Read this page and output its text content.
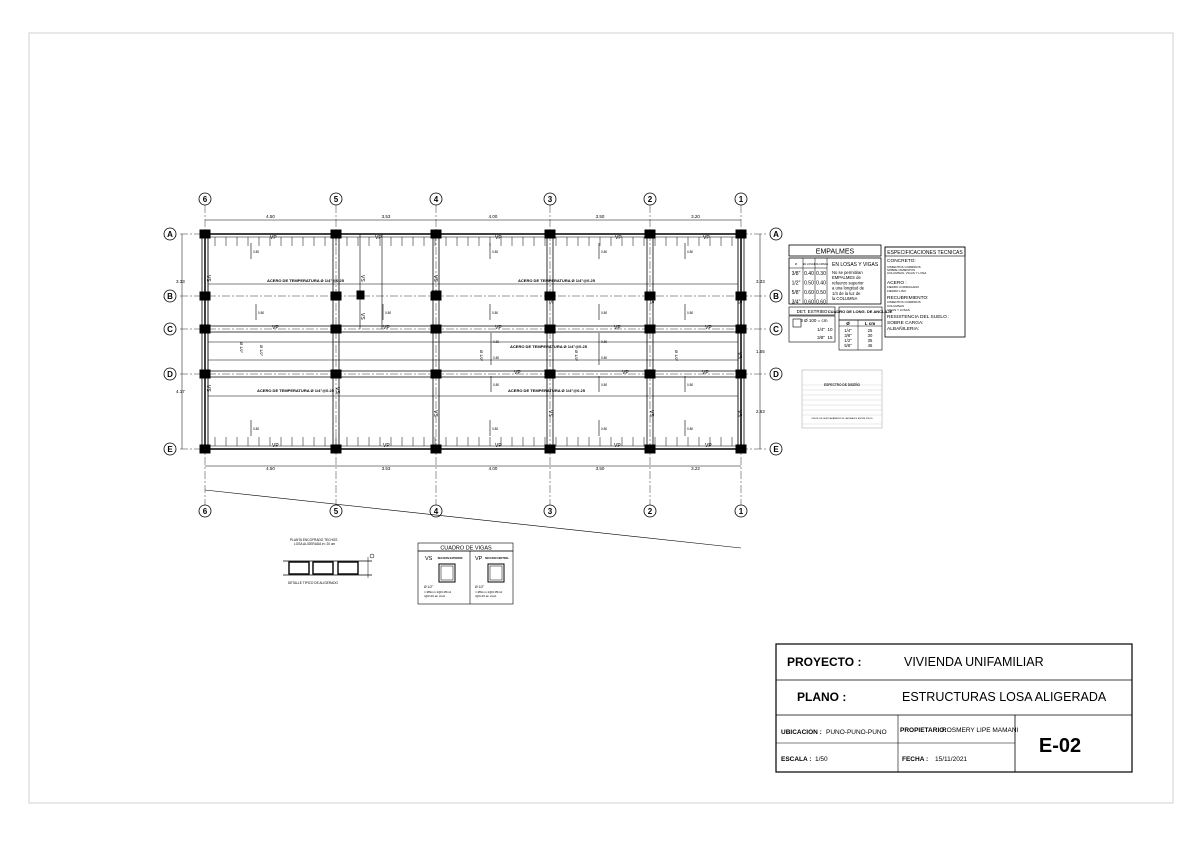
6
6
5
5
4
4
3
3
2
2
1
1
A	A
B	B
C	C
D	D
E	E
4.50
4.50
3.53
3.53
4.00
4.00
3.50
3.50
3.20
3.22
3.33
4.17
3.33
1.55
2.63
VP	VP	VP	VP	VP
VP	VP	VP	VP	VP
VP	VP	VP
VP	VP	VP	VP	VP
VS	VS
VS
VS
VS	VS	VS
VS	VS
VS	VS	VS
VS
VS
ACERO DE TEMPERATURA Ø 1/4"@0.25	ACERO DE TEMPERATURA Ø 1/4"@0.25
ACERO DE TEMPERATURA Ø 1/4"@0.25
ACERO DE TEMPERATURA Ø 1/4"@0.25
ACERO DE TEMPERATURA Ø 1/4"@0.25
0.80	0.80	0.80	0.80
0.80	0.80	0.80	0.80	0.80
0.80	0.80
0.80	0.80
0.80	0.80	0.80
0.80	0.80	0.80	0.80
Ø 1/2"	Ø 1/2"	Ø 1/2"	Ø 1/2"	Ø 1/2"
EMPALMES
Ø EN LOSAS
COLUMNAS
3/8" 0.40 0.30
1/2" 0.50 0.40
5/8" 0.60 0.50
3/4" 0.60 0.60
EN LOSAS Y VIGAS
No se permitiran
EMPALMES de
refuerzo superior
a una longitud de
1/4 de la luz de
la COLUMNA
DET. ESTRIBO
3 Ø 100 = cm
1/4" 10
3/8" 15
CUADRO DE LONG. DE ANCLAJE
Ø	L cm
1/4"	25
3/8"	30
1/2"	35
5/8"	45
ESPECIFICACIONES TECNICAS
CONCRETO:
CIMIENTOS CORRIDOS
SOBRE CIMIENTOS
COLUMNAS, VIGAS Y LOSA
ACERO :
FIERRO CORRUGADO
FIERRO LISO
RECUBRIMIENTO:
CIMIENTOS CORRIDOS
COLUMNAS
VIGAS Y LOSAS
RESISTENCIA DEL SUELO :
SOBRE CARGA:
ALBAÑILERIA:
ESPECTRO DE DISEÑO
LIMITE DE DESPLAZAMIENTOS LATERALES ENTRE PISOS
PLANTA ENCOFRADO TECHOS
LOSA ALIGERADA e= 20 cm
DETALLE TIPICO DE ALIGERADO
CUADRO DE VIGAS
VS SECCION EXTERIOR
Ø 1/2"
□ Ø6mm:1@0.05m1
r@0.20 an c/ext
VP SECCION CENTRAL
Ø 1/2"
□ Ø6mm:1@0.05m1
r@0.20 an c/ext
PROYECTO :	VIVIENDA UNIFAMILIAR
PLANO :	ESTRUCTURAS LOSA ALIGERADA
UBICACION : PUNO-PUNO-PUNO PROPIETARIO:
ROSMERY LIPE MAMANI
ESCALA : 1/50	FECHA : 15/11/2021
E-02
